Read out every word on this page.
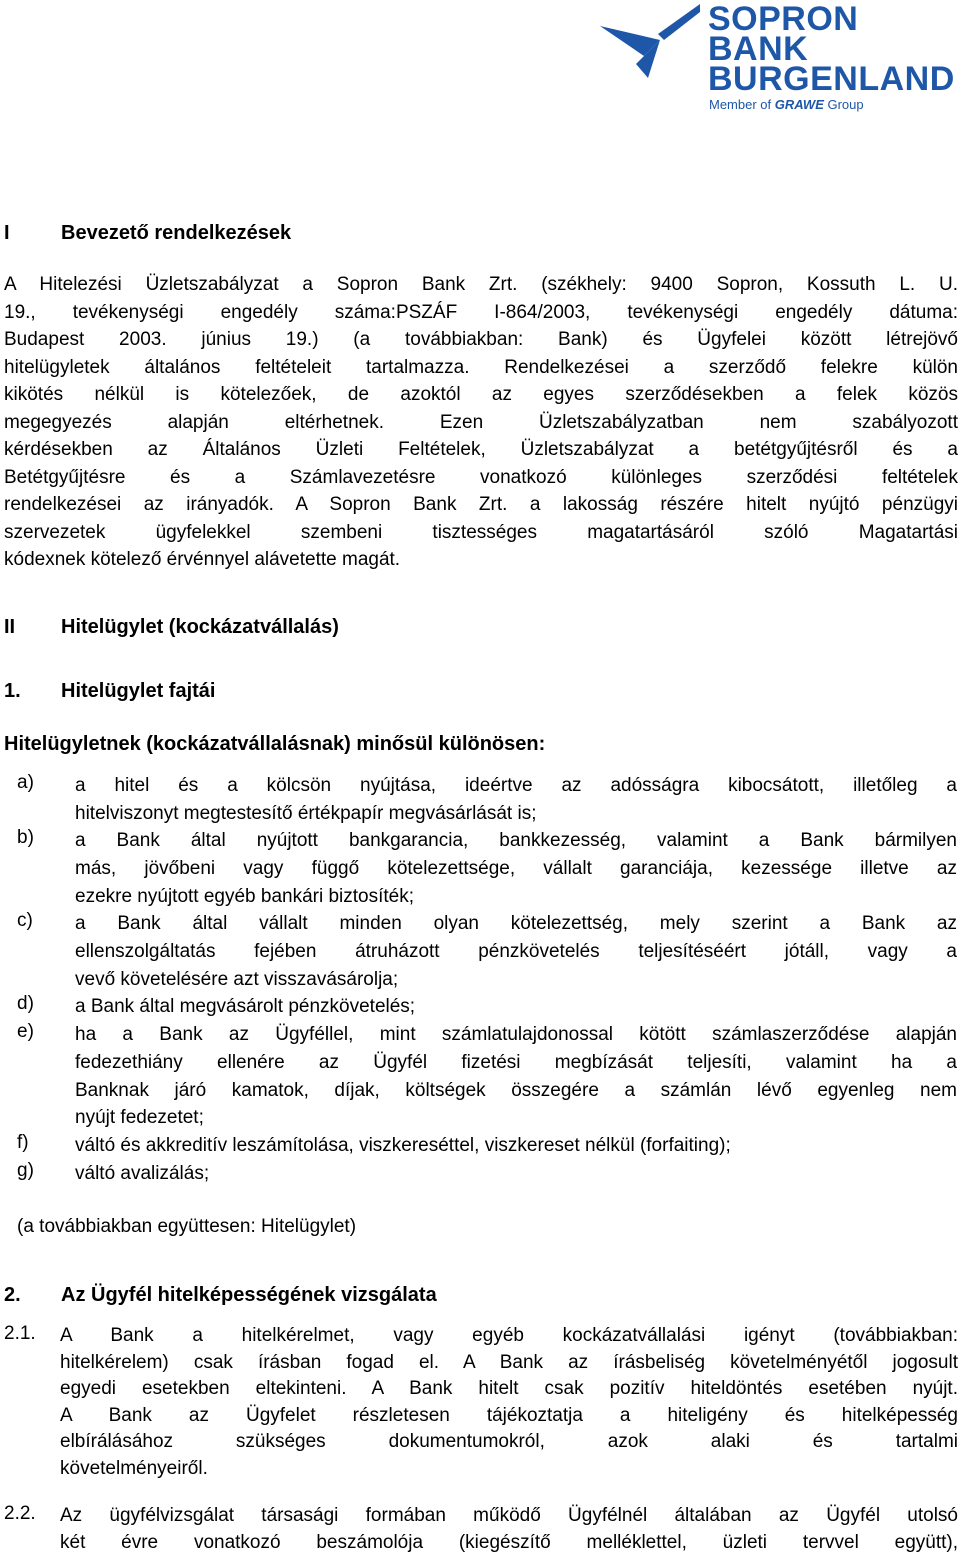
SOPRON
BANK
BURGENLAND
Member of GRAWE Group
I	Bevezető rendelkezések
A Hitelezési Üzletszabályzat a Sopron Bank Zrt. (székhely: 9400 Sopron, Kossuth L. U.
19., tevékenységi engedély száma:PSZÁF I-864/2003, tevékenységi engedély dátuma:
Budapest 2003. június 19.) (a továbbiakban: Bank) és Ügyfelei között létrejövő
hitelügyletek általános feltételeit tartalmazza. Rendelkezései a szerződő felekre külön
kikötés nélkül is kötelezőek, de azoktól az egyes szerződésekben a felek közös
megegyezés alapján eltérhetnek. Ezen Üzletszabályzatban nem szabályozott
kérdésekben az Általános Üzleti Feltételek, Üzletszabályzat a betétgyűjtésről és a
Betétgyűjtésre és a Számlavezetésre vonatkozó különleges szerződési feltételek
rendelkezései az irányadók. A Sopron Bank Zrt. a lakosság részére hitelt nyújtó pénzügyi
szervezetek ügyfelekkel szembeni tisztességes magatartásáról szóló Magatartási
kódexnek kötelező érvénnyel alávetette magát.
II Hitelügylet (kockázatvállalás)
1. Hitelügylet fajtái
Hitelügyletnek (kockázatvállalásnak) minősül különösen:
a) a hitel és a kölcsön nyújtása, ideértve az adósságra kibocsátott, illetőleg a
hitelviszonyt megtestesítő értékpapír megvásárlását is;
b) a Bank által nyújtott bankgarancia, bankkezesség, valamint a Bank bármilyen
más, jövőbeni vagy függő kötelezettsége, vállalt garanciája, kezessége illetve az
ezekre nyújtott egyéb bankári biztosíték;
c) a Bank által vállalt minden olyan kötelezettség, mely szerint a Bank az
ellenszolgáltatás fejében átruházott pénzkövetelés teljesítéséért jótáll, vagy a
vevő követelésére azt visszavásárolja;
d) a Bank által megvásárolt pénzkövetelés;
e) ha a Bank az Ügyféllel, mint számlatulajdonossal kötött számlaszerződése alapján
fedezethiány ellenére az Ügyfél fizetési megbízását teljesíti, valamint ha a
Banknak járó kamatok, díjak, költségek összegére a számlán lévő egyenleg nem
nyújt fedezetet;
f) váltó és akkreditív leszámítolása, viszkereséttel, viszkereset nélkül (forfaiting);
g) váltó avalizálás;
(a továbbiakban együttesen: Hitelügylet)
2. Az Ügyfél hitelképességének vizsgálata
2.1. A Bank a hitelkérelmet, vagy egyéb kockázatvállalási igényt (továbbiakban:
hitelkérelem) csak írásban fogad el. A Bank az írásbeliség követelményétől jogosult
egyedi esetekben eltekinteni. A Bank hitelt csak pozitív hiteldöntés esetében nyújt.
A Bank az Ügyfelet részletesen tájékoztatja a hiteligény és hitelképesség
elbírálásához szükséges dokumentumokról, azok alaki és tartalmi
követelményeiről.
2.2. Az ügyfélvizsgálat társasági formában működő Ügyfélnél általában az Ügyfél utolsó
két évre vonatkozó beszámolója (kiegészítő melléklettel, üzleti tervvel együtt),
